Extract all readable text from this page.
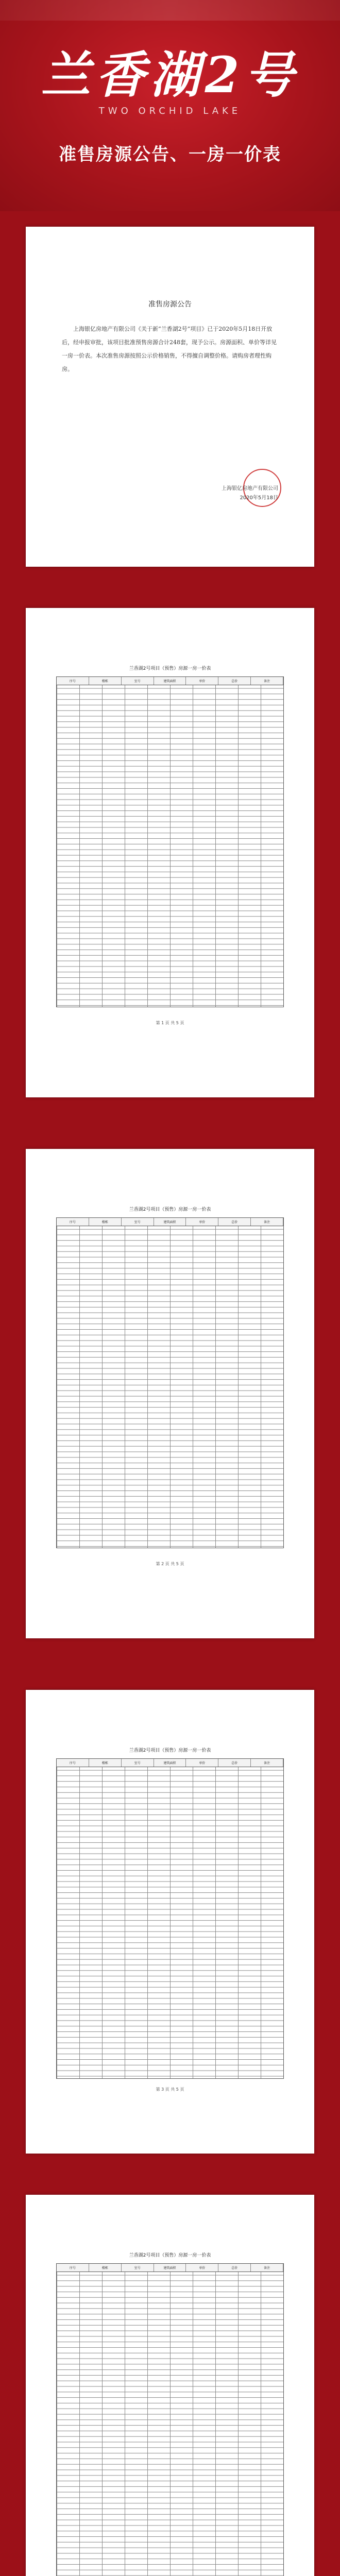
兰香湖2号
TWO ORCHID LAKE
准售房源公告、一房一价表
准售房源公告
上海银亿房地产有限公司《关于新“兰香湖2号”项目》已于2020年5月18日开放后，经申报审批，该项目批准预售房源合计248套，现予公示。房源面积、单价等详见一房一价表。本次准售房源按照公示价格销售，不得擅自调整价格。请购房者理性购房。
上海银亿房地产有限公司
2020年5月18日
兰香湖2号项目（预售）房源一房一价表
序号	楼栋	室号	建筑面积	单价	总价	备注
第 1 页 共 5 页
兰香湖2号项目（预售）房源一房一价表
序号	楼栋	室号	建筑面积	单价	总价	备注
第 2 页 共 5 页
兰香湖2号项目（预售）房源一房一价表
序号	楼栋	室号	建筑面积	单价	总价	备注
第 3 页 共 5 页
兰香湖2号项目（预售）房源一房一价表
序号	楼栋	室号	建筑面积	单价	总价	备注
